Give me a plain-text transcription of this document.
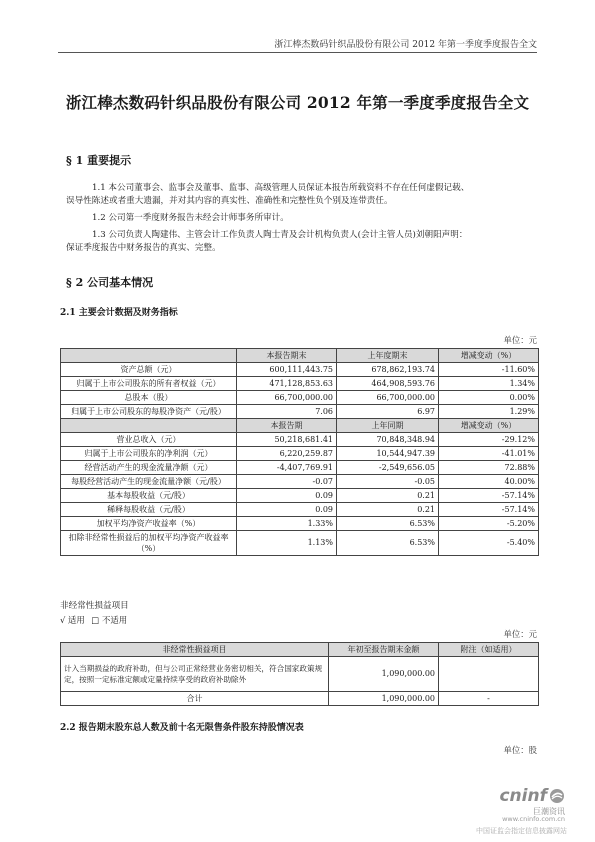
浙江棒杰数码针织品股份有限公司 2012 年第一季度季度报告全文
浙江棒杰数码针织品股份有限公司 2012 年第一季度季度报告全文
§ 1 重要提示
1.1 本公司董事会、监事会及董事、监事、高级管理人员保证本报告所载资料不存在任何虚假记载、
误导性陈述或者重大遗漏，并对其内容的真实性、准确性和完整性负个别及连带责任。
1.2 公司第一季度财务报告未经会计师事务所审计。
1.3 公司负责人陶建伟、主管会计工作负责人陶士青及会计机构负责人(会计主管人员)刘朝阳声明：
保证季度报告中财务报告的真实、完整。
§ 2 公司基本情况
2.1 主要会计数据及财务指标
单位：元
	本报告期末	上年度期末	增减变动（%）
资产总额（元）	600,111,443.75	678,862,193.74	-11.60%
归属于上市公司股东的所有者权益（元）	471,128,853.63	464,908,593.76	1.34%
总股本（股）	66,700,000.00	66,700,000.00	0.00%
归属于上市公司股东的每股净资产（元/股）	7.06	6.97	1.29%
	本报告期	上年同期	增减变动（%）
营业总收入（元）	50,218,681.41	70,848,348.94	-29.12%
归属于上市公司股东的净利润（元）	6,220,259.87	10,544,947.39	-41.01%
经营活动产生的现金流量净额（元）	-4,407,769.91	-2,549,656.05	72.88%
每股经营活动产生的现金流量净额（元/股）	-0.07	-0.05	40.00%
基本每股收益（元/股）	0.09	0.21	-57.14%
稀释每股收益（元/股）	0.09	0.21	-57.14%
加权平均净资产收益率（%）	1.33%	6.53%	-5.20%
扣除非经常性损益后的加权平均净资产收益率（%）	1.13%	6.53%	-5.40%
非经常性损益项目
√ 适用 □ 不适用
单位：元
非经常性损益项目	年初至报告期末金额	附注（如适用）
计入当期损益的政府补助，但与公司正常经营业务密切相关，符合国家政策规定，按照一定标准定额或定量持续享受的政府补助除外	1,090,000.00	
合计	1,090,000.00	-
2.2 报告期末股东总人数及前十名无限售条件股东持股情况表
单位：股
cninf
巨潮资讯
www.cninfo.com.cn
中国证监会指定信息披露网站
